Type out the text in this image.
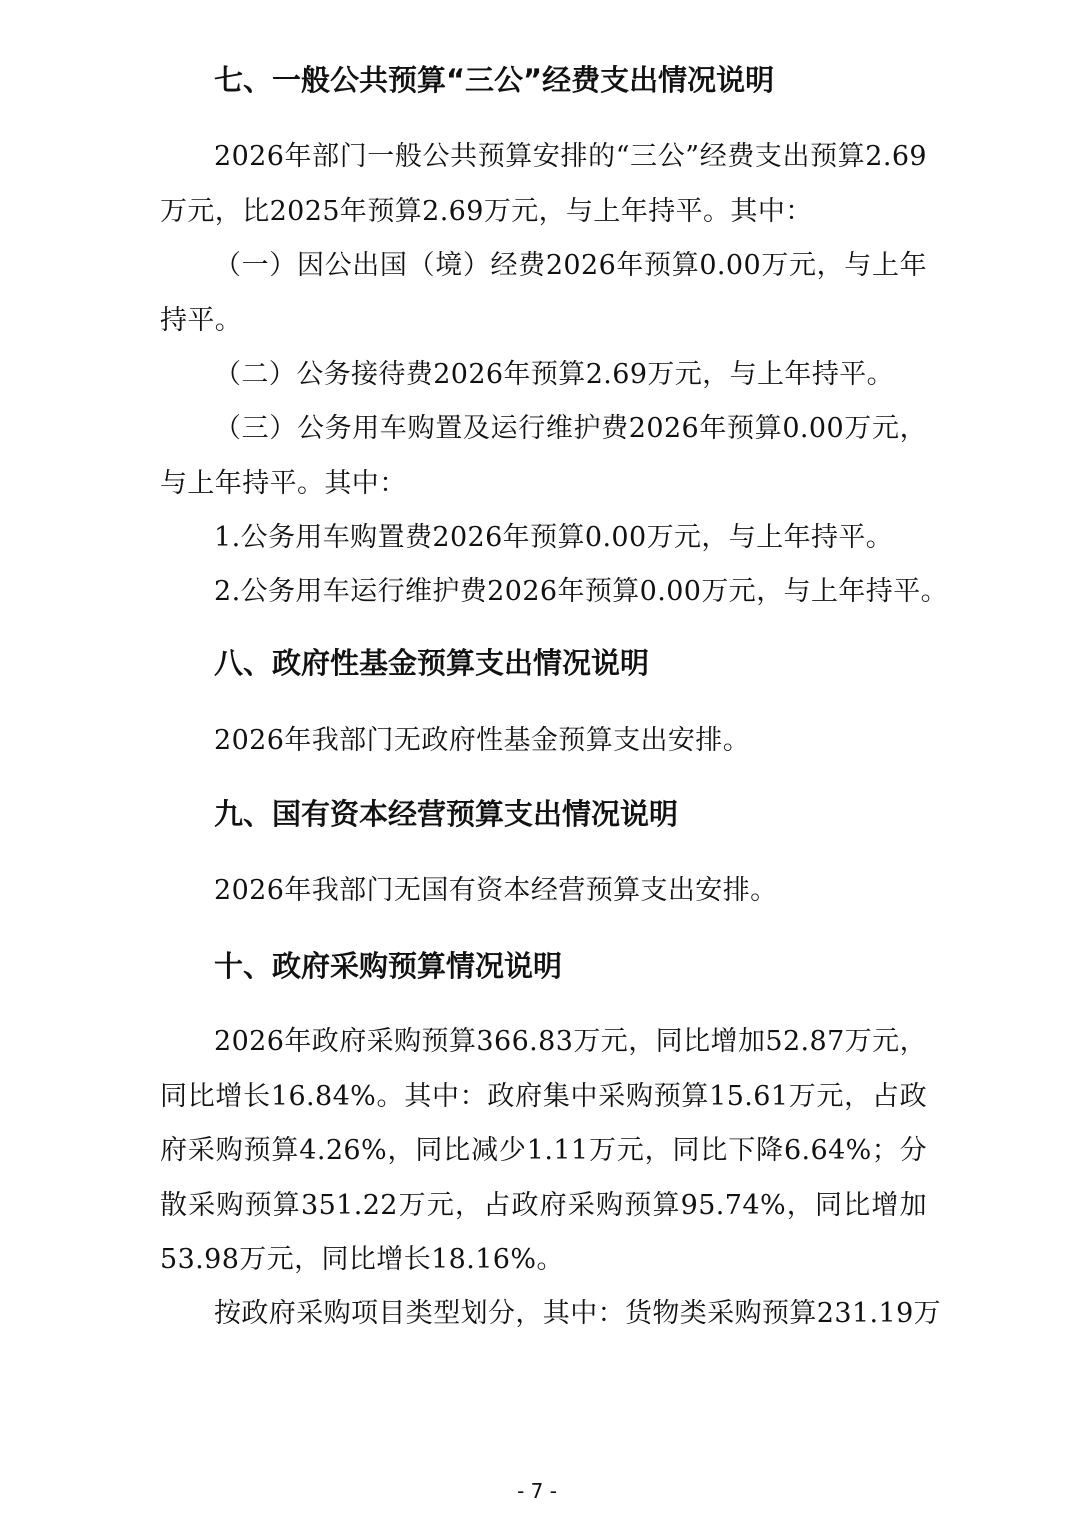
七、一般公共预算“三公”经费支出情况说明

2026年部门一般公共预算安排的“三公”经费支出预算2.69万元，比2025年预算2.69万元，与上年持平。其中：

（一）因公出国（境）经费2026年预算0.00万元，与上年持平。

（二）公务接待费2026年预算2.69万元，与上年持平。

（三）公务用车购置及运行维护费2026年预算0.00万元，与上年持平。其中：

1.公务用车购置费2026年预算0.00万元，与上年持平。

2.公务用车运行维护费2026年预算0.00万元，与上年持平。

八、政府性基金预算支出情况说明

2026年我部门无政府性基金预算支出安排。

九、国有资本经营预算支出情况说明

2026年我部门无国有资本经营预算支出安排。

十、政府采购预算情况说明

2026年政府采购预算366.83万元，同比增加52.87万元，同比增长16.84%。其中：政府集中采购预算15.61万元，占政府采购预算4.26%，同比减少1.11万元，同比下降6.64%；分散采购预算351.22万元，占政府采购预算95.74%，同比增加53.98万元，同比增长18.16%。

按政府采购项目类型划分，其中：货物类采购预算231.19万

- 7 -
